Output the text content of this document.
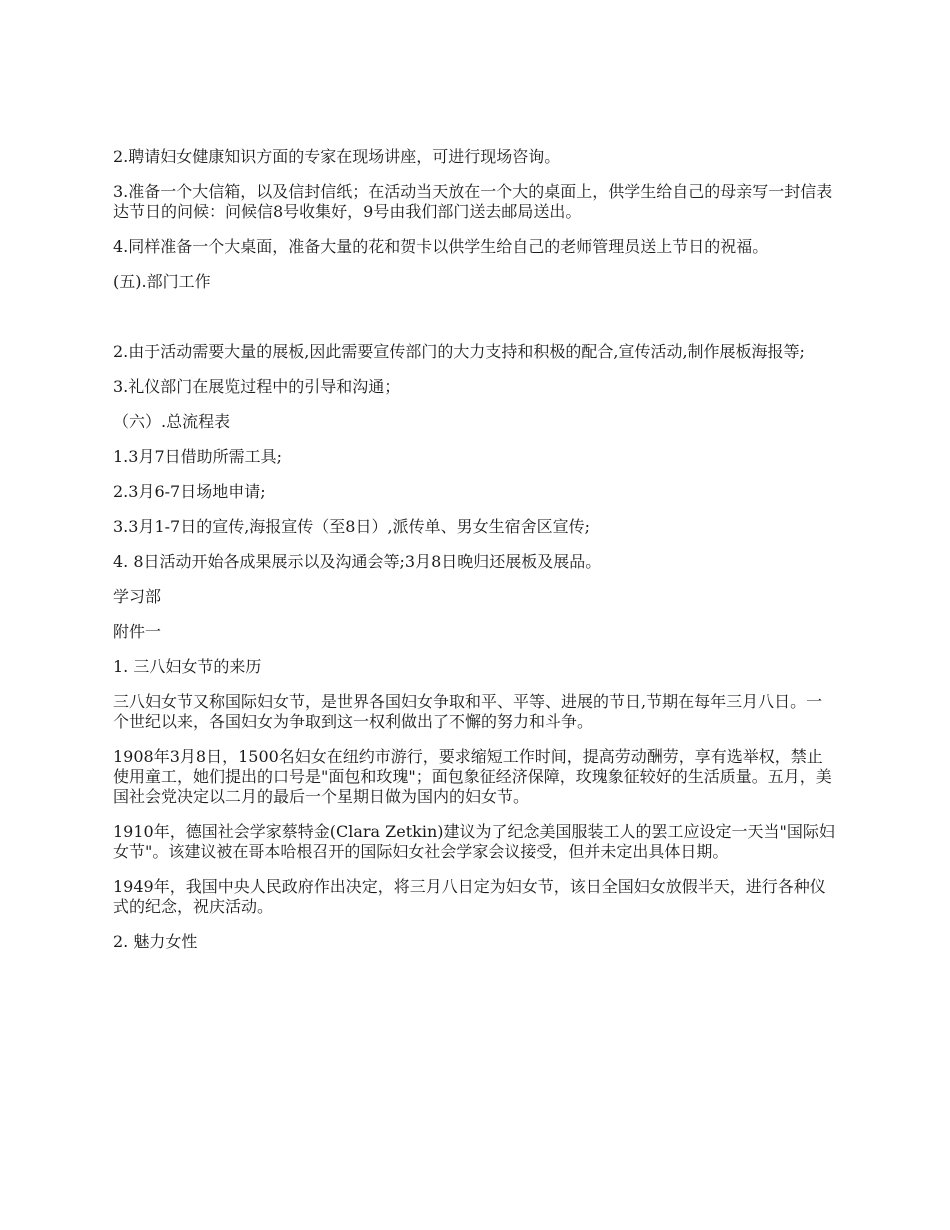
2.聘请妇女健康知识方面的专家在现场讲座，可进行现场咨询。

3.准备一个大信箱，以及信封信纸；在活动当天放在一个大的桌面上，供学生给自己的母亲写一封信表达节日的问候：问候信8号收集好，9号由我们部门送去邮局送出。

4.同样准备一个大桌面，准备大量的花和贺卡以供学生给自己的老师管理员送上节日的祝福。

(五).部门工作

2.由于活动需要大量的展板,因此需要宣传部门的大力支持和积极的配合,宣传活动,制作展板海报等;

3.礼仪部门在展览过程中的引导和沟通；

（六）.总流程表

1.3月7日借助所需工具;

2.3月6-7日场地申请;

3.3月1-7日的宣传,海报宣传（至8日）,派传单、男女生宿舍区宣传;

4. 8日活动开始各成果展示以及沟通会等;3月8日晚归还展板及展品。

学习部

附件一

1. 三八妇女节的来历

三八妇女节又称国际妇女节，是世界各国妇女争取和平、平等、进展的节日,节期在每年三月八日。一个世纪以来，各国妇女为争取到这一权利做出了不懈的努力和斗争。

1908年3月8日，1500名妇女在纽约市游行，要求缩短工作时间，提高劳动酬劳，享有选举权，禁止使用童工，她们提出的口号是"面包和玫瑰"；面包象征经济保障，玫瑰象征较好的生活质量。五月，美国社会党决定以二月的最后一个星期日做为国内的妇女节。

1910年，德国社会学家蔡特金(Clara Zetkin)建议为了纪念美国服装工人的罢工应设定一天当"国际妇女节"。该建议被在哥本哈根召开的国际妇女社会学家会议接受，但并未定出具体日期。

1949年，我国中央人民政府作出决定，将三月八日定为妇女节，该日全国妇女放假半天，进行各种仪式的纪念，祝庆活动。

2. 魅力女性
